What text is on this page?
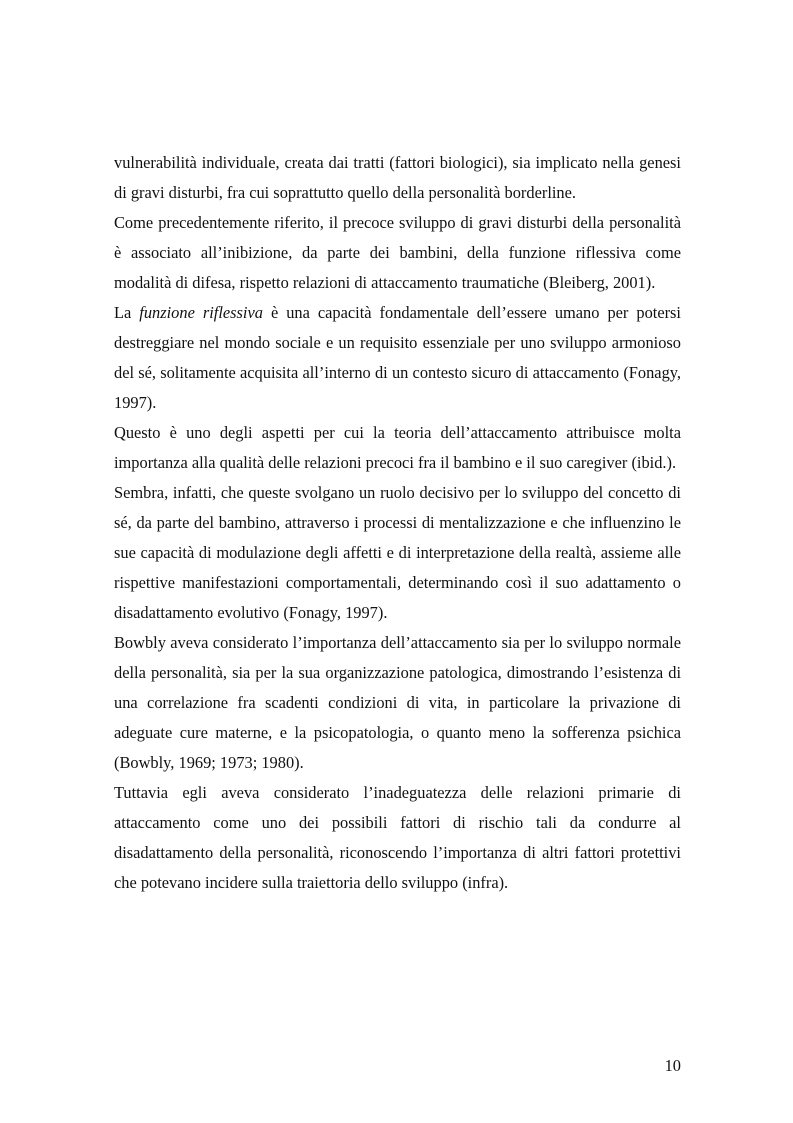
vulnerabilità individuale, creata dai tratti (fattori biologici), sia implicato nella genesi di gravi disturbi, fra cui soprattutto quello della personalità borderline.

Come precedentemente riferito, il precoce sviluppo di gravi disturbi della personalità è associato all’inibizione, da parte dei bambini, della funzione riflessiva come modalità di difesa, rispetto relazioni di attaccamento traumatiche (Bleiberg, 2001).

La funzione riflessiva è una capacità fondamentale dell’essere umano per potersi destreggiare nel mondo sociale e un requisito essenziale per uno sviluppo armonioso del sé, solitamente acquisita all’interno di un contesto sicuro di attaccamento (Fonagy, 1997).

Questo è uno degli aspetti per cui la teoria dell’attaccamento attribuisce molta importanza alla qualità delle relazioni precoci fra il bambino e il suo caregiver (ibid.).

Sembra, infatti, che queste svolgano un ruolo decisivo per lo sviluppo del concetto di sé, da parte del bambino, attraverso i processi di mentalizzazione e che influenzino le sue capacità di modulazione degli affetti e di interpretazione della realtà, assieme alle rispettive manifestazioni comportamentali, determinando così il suo adattamento o disadattamento evolutivo (Fonagy, 1997).

Bowbly aveva considerato l’importanza dell’attaccamento sia per lo sviluppo normale della personalità, sia per la sua organizzazione patologica, dimostrando l’esistenza di una correlazione fra scadenti condizioni di vita, in particolare la privazione di adeguate cure materne, e la psicopatologia, o quanto meno la sofferenza psichica (Bowbly, 1969; 1973; 1980).

Tuttavia egli aveva considerato l’inadeguatezza delle relazioni primarie di attaccamento come uno dei possibili fattori di rischio tali da condurre al disadattamento della personalità, riconoscendo l’importanza di altri fattori protettivi che potevano incidere sulla traiettoria dello sviluppo (infra).

10
